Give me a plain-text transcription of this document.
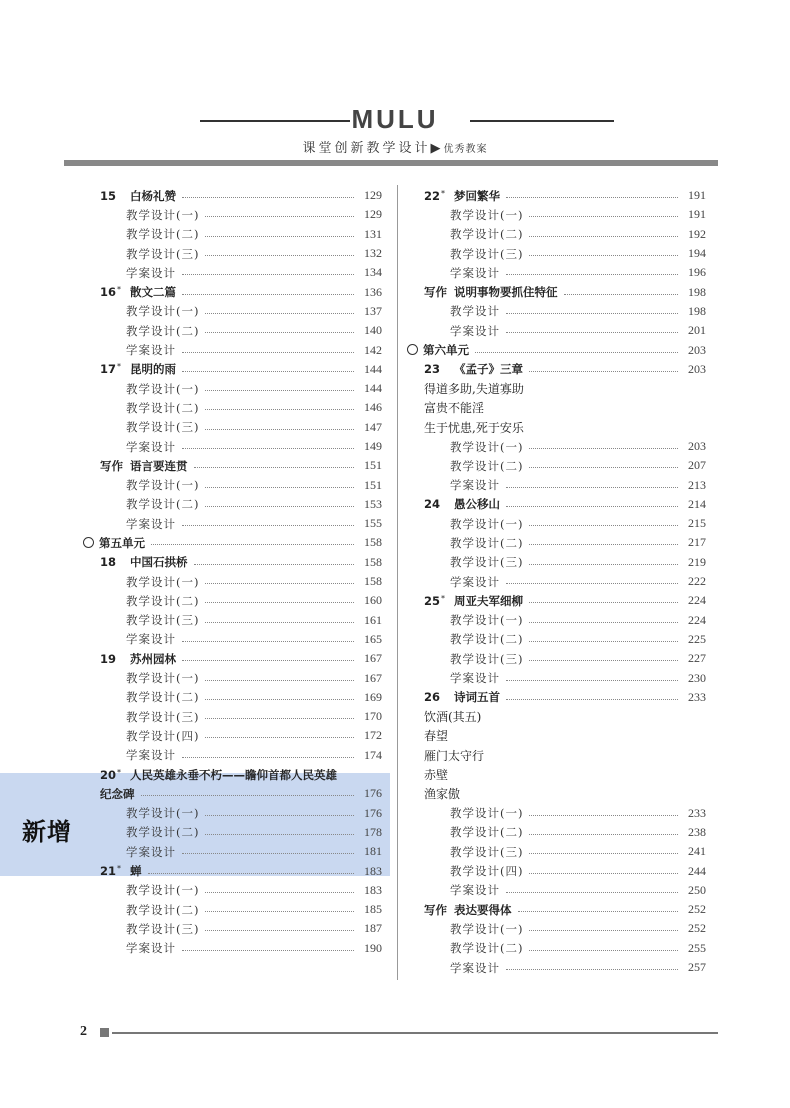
MULU
课堂创新教学设计▶优秀教案
新增
15 白杨礼赞	129
教学设计(一)	129
教学设计(二)	131
教学设计(三)	132
学案设计	134
16* 散文二篇	136
教学设计(一)	137
教学设计(二)	140
学案设计	142
17* 昆明的雨	144
教学设计(一)	144
教学设计(二)	146
教学设计(三)	147
学案设计	149
写作 语言要连贯	151
教学设计(一)	151
教学设计(二)	153
学案设计	155
第五单元	158
18 中国石拱桥	158
教学设计(一)	158
教学设计(二)	160
教学设计(三)	161
学案设计	165
19 苏州园林	167
教学设计(一)	167
教学设计(二)	169
教学设计(三)	170
教学设计(四)	172
学案设计	174
20* 人民英雄永垂不朽——瞻仰首都人民英雄
纪念碑	176
教学设计(一)	176
教学设计(二)	178
学案设计	181
21* 蝉	183
教学设计(一)	183
教学设计(二)	185
教学设计(三)	187
学案设计	190
22* 梦回繁华	191
教学设计(一)	191
教学设计(二)	192
教学设计(三)	194
学案设计	196
写作 说明事物要抓住特征	198
教学设计	198
学案设计	201
第六单元	203
23 《孟子》三章	203
得道多助,失道寡助
富贵不能淫
生于忧患,死于安乐
教学设计(一)	203
教学设计(二)	207
学案设计	213
24 愚公移山	214
教学设计(一)	215
教学设计(二)	217
教学设计(三)	219
学案设计	222
25* 周亚夫军细柳	224
教学设计(一)	224
教学设计(二)	225
教学设计(三)	227
学案设计	230
26 诗词五首	233
饮酒(其五)
春望
雁门太守行
赤壁
渔家傲
教学设计(一)	233
教学设计(二)	238
教学设计(三)	241
教学设计(四)	244
学案设计	250
写作 表达要得体	252
教学设计(一)	252
教学设计(二)	255
学案设计	257
2
